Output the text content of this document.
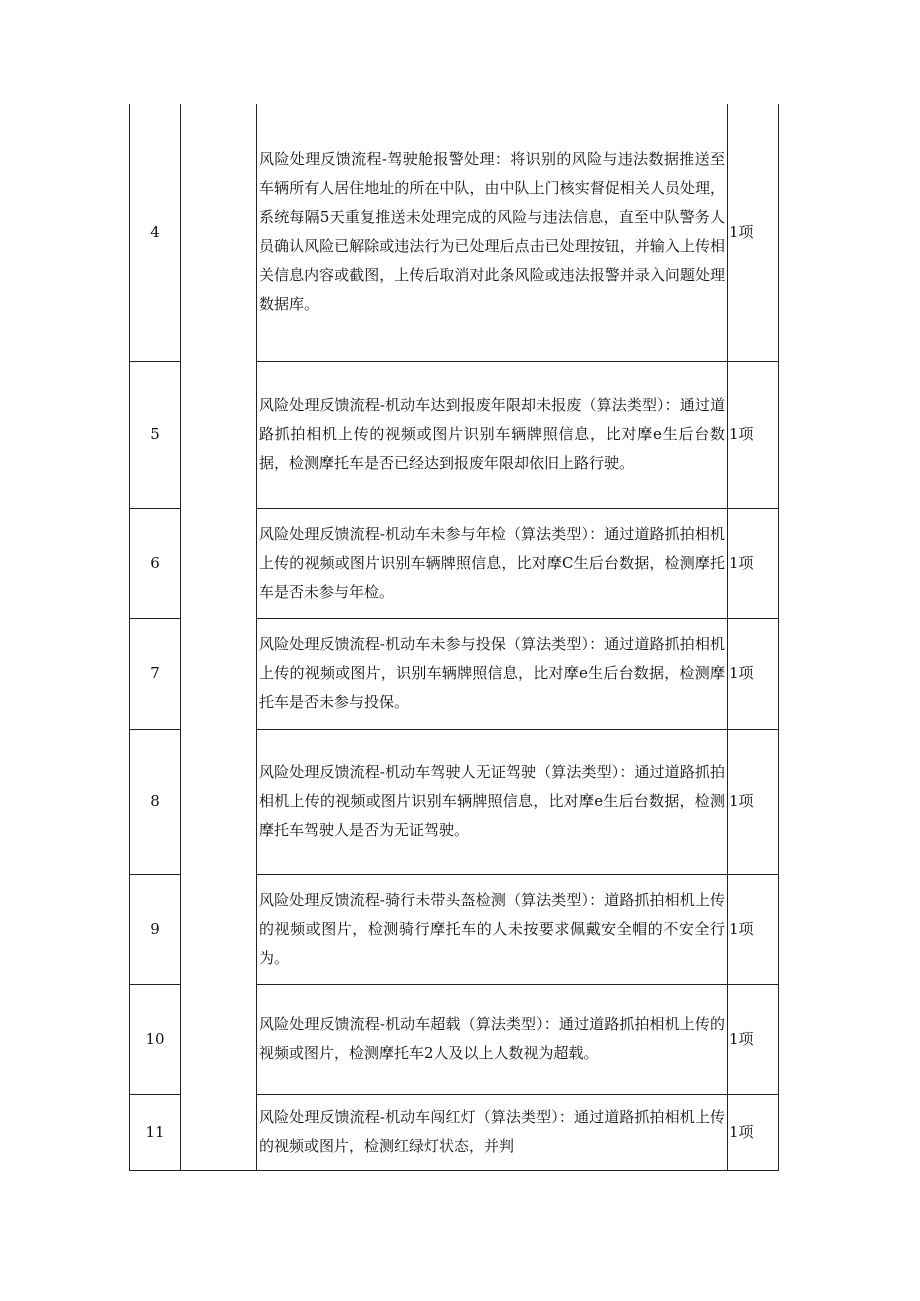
4		风险处理反馈流程-驾驶舱报警处理：将识别的风险与违法数据推送至车辆所有人居住地址的所在中队，由中队上门核实督促相关人员处理，系统每隔5天重复推送未处理完成的风险与违法信息，直至中队警务人员确认风险已解除或违法行为已处理后点击已处理按钮，并输入上传相关信息内容或截图，上传后取消对此条风险或违法报警并录入问题处理数据库。	1项
5		风险处理反馈流程-机动车达到报废年限却未报废（算法类型）：通过道路抓拍相机上传的视频或图片识别车辆牌照信息，比对摩e生后台数据，检测摩托车是否已经达到报废年限却依旧上路行驶。	1项
6		风险处理反馈流程-机动车未参与年检（算法类型）：通过道路抓拍相机上传的视频或图片识别车辆牌照信息，比对摩C生后台数据，检测摩托车是否未参与年检。	1项
7		风险处理反馈流程-机动车未参与投保（算法类型）：通过道路抓拍相机上传的视频或图片，识别车辆牌照信息，比对摩e生后台数据，检测摩托车是否未参与投保。	1项
8		风险处理反馈流程-机动车驾驶人无证驾驶（算法类型）：通过道路抓拍相机上传的视频或图片识别车辆牌照信息，比对摩e生后台数据，检测摩托车驾驶人是否为无证驾驶。	1项
9		风险处理反馈流程-骑行未带头盔检测（算法类型）：道路抓拍相机上传的视频或图片，检测骑行摩托车的人未按要求佩戴安全帽的不安全行为。	1项
10		风险处理反馈流程-机动车超载（算法类型）：通过道路抓拍相机上传的视频或图片，检测摩托车2人及以上人数视为超载。	1项
11		风险处理反馈流程-机动车闯红灯（算法类型）：通过道路抓拍相机上传的视频或图片，检测红绿灯状态，并判	1项
